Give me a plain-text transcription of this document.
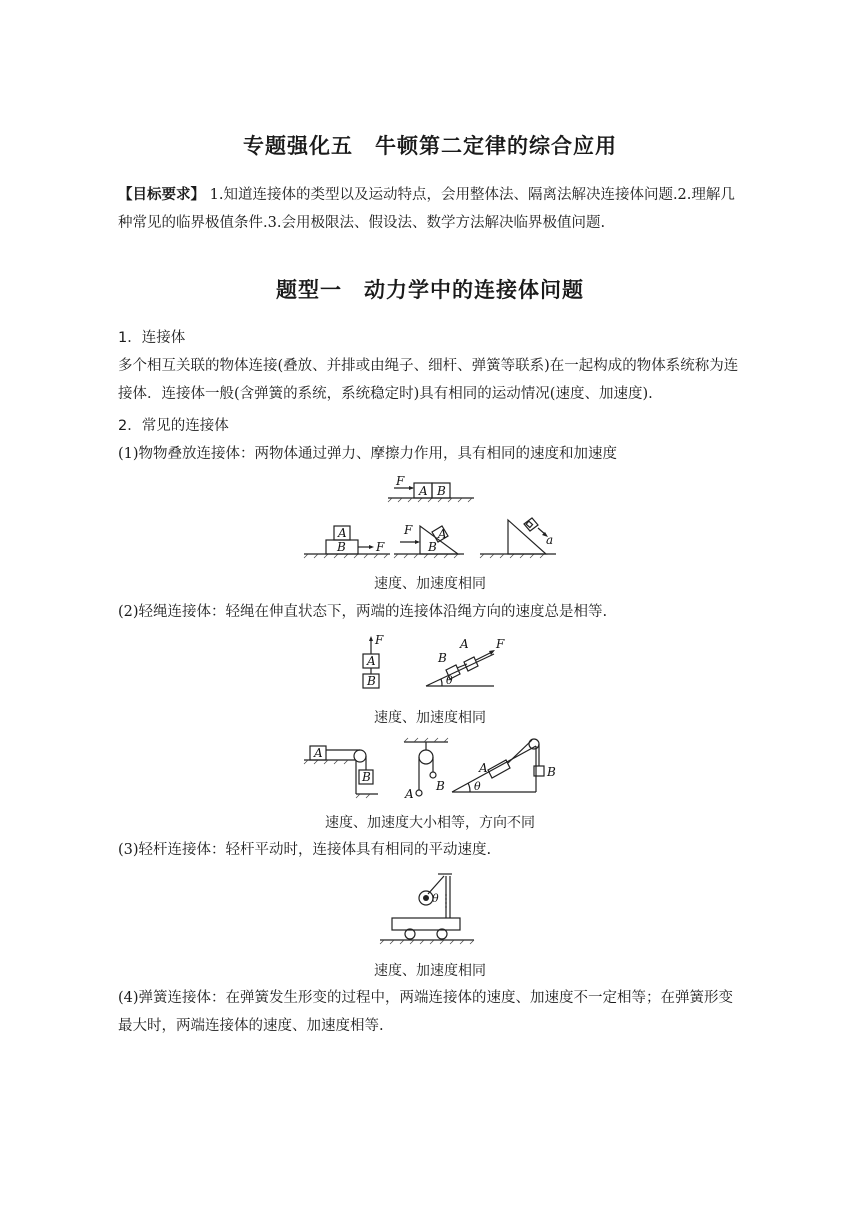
专题强化五　牛顿第二定律的综合应用
【目标要求】 1.知道连接体的类型以及运动特点，会用整体法、隔离法解决连接体问题.2.理解几种常见的临界极值条件.3.会用极限法、假设法、数学方法解决临界极值问题.
题型一　动力学中的连接体问题
1．连接体
多个相互关联的物体连接(叠放、并排或由绳子、细杆、弹簧等联系)在一起构成的物体系统称为连接体．连接体一般(含弹簧的系统，系统稳定时)具有相同的运动情况(速度、加速度).
2．常见的连接体
(1)物物叠放连接体：两物体通过弹力、摩擦力作用，具有相同的速度和加速度
F
A B
A
B	F
F A
B	a
速度、加速度相同
(2)轻绳连接体：轻绳在伸直状态下，两端的连接体沿绳方向的速度总是相等.
F
A
B	θ
B
A F
速度、加速度相同
A
B
A
B	θ
A	B
速度、加速度大小相等，方向不同
(3)轻杆连接体：轻杆平动时，连接体具有相同的平动速度.
θ
速度、加速度相同
(4)弹簧连接体：在弹簧发生形变的过程中，两端连接体的速度、加速度不一定相等；在弹簧形变最大时，两端连接体的速度、加速度相等.
